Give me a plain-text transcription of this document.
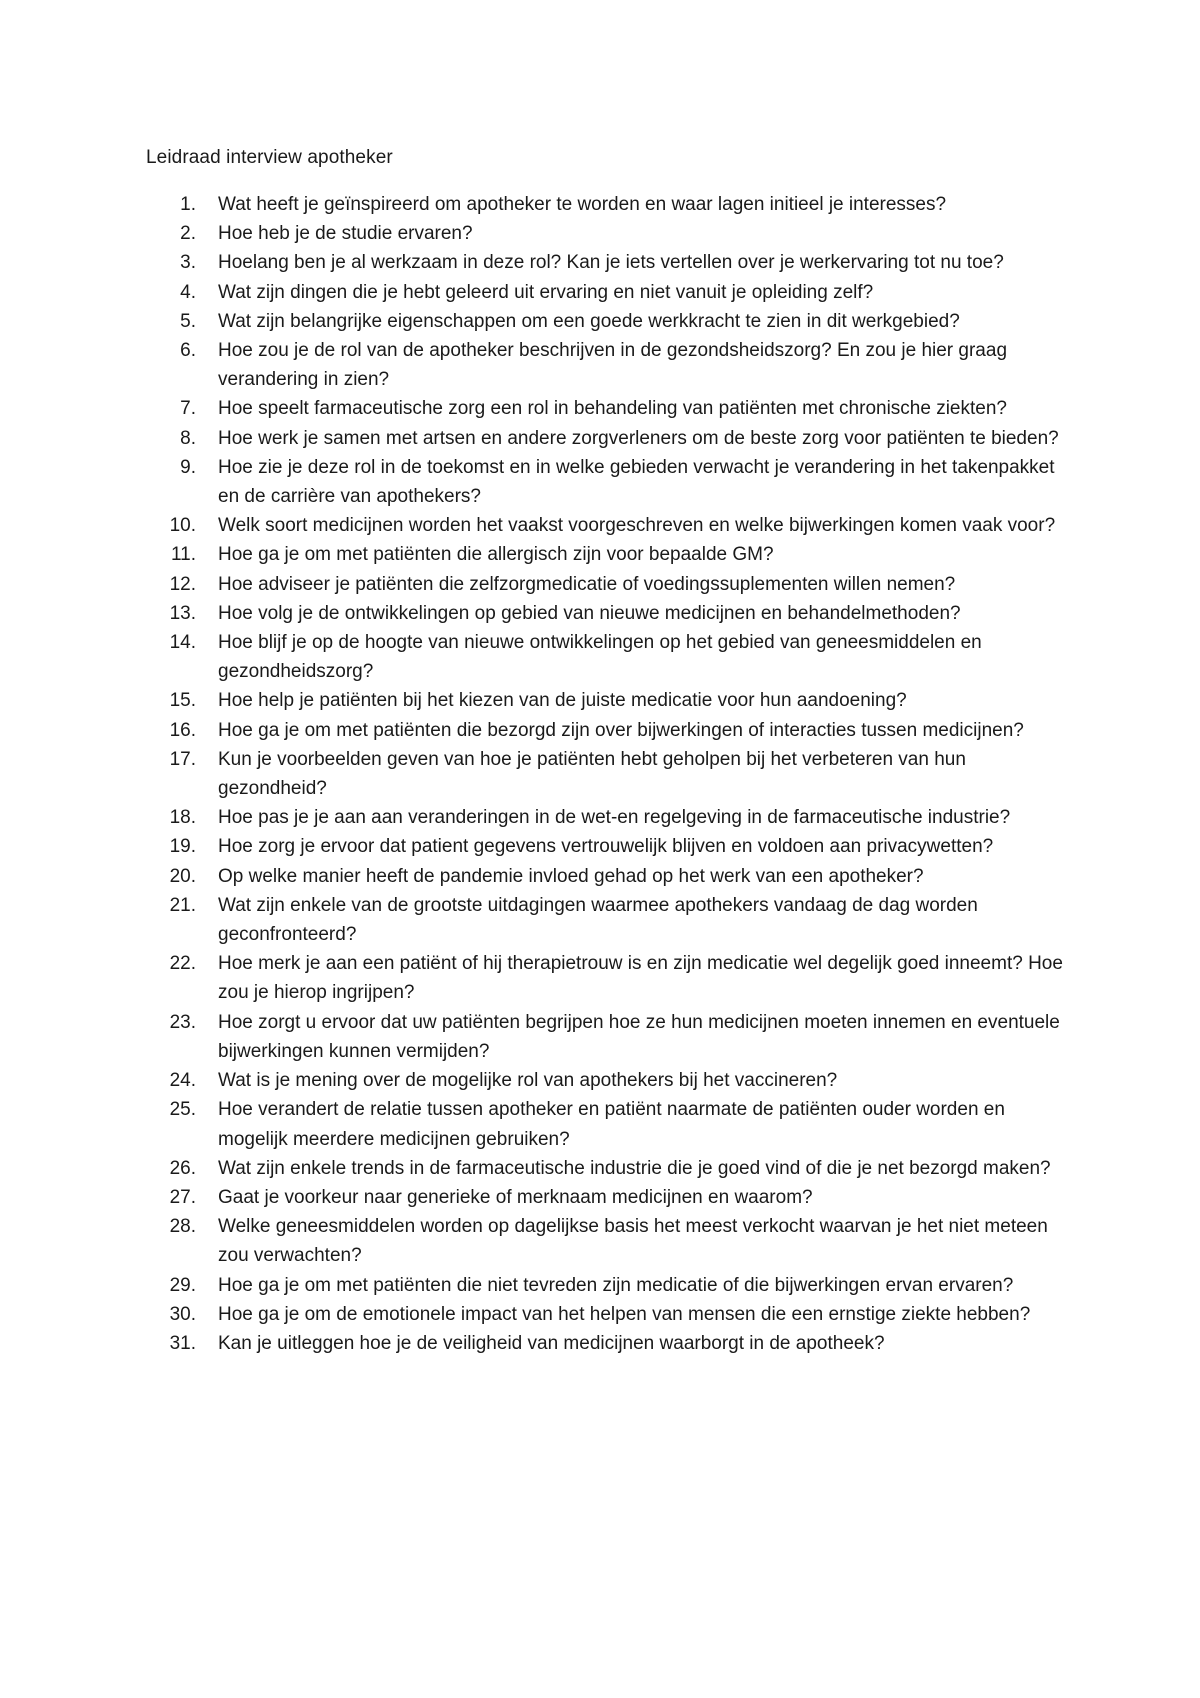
Leidraad interview apotheker
1. Wat heeft je geïnspireerd om apotheker te worden en waar lagen initieel je interesses?
2. Hoe heb je de studie ervaren?
3. Hoelang ben je al werkzaam in deze rol? Kan je iets vertellen over je werkervaring tot nu toe?
4. Wat zijn dingen die je hebt geleerd uit ervaring en niet vanuit je opleiding zelf?
5. Wat zijn belangrijke eigenschappen om een goede werkkracht te zien in dit werkgebied?
6. Hoe zou je de rol van de apotheker beschrijven in de gezondsheidszorg? En zou je hier graag verandering in zien?
7. Hoe speelt farmaceutische zorg een rol in behandeling van patiënten met chronische ziekten?
8. Hoe werk je samen met artsen en andere zorgverleners om de beste zorg voor patiënten te bieden?
9. Hoe zie je deze rol in de toekomst en in welke gebieden verwacht je verandering in het takenpakket en de carrière van apothekers?
10. Welk soort medicijnen worden het vaakst voorgeschreven en welke bijwerkingen komen vaak voor?
11. Hoe ga je om met patiënten die allergisch zijn voor bepaalde GM?
12. Hoe adviseer je patiënten die zelfzorgmedicatie of voedingssuplementen willen nemen?
13. Hoe volg je de ontwikkelingen op gebied van nieuwe medicijnen en behandelmethoden?
14. Hoe blijf je op de hoogte van nieuwe ontwikkelingen op het gebied van geneesmiddelen en gezondheidszorg?
15. Hoe help je patiënten bij het kiezen van de juiste medicatie voor hun aandoening?
16. Hoe ga je om met patiënten die bezorgd zijn over bijwerkingen of interacties tussen medicijnen?
17. Kun je voorbeelden geven van hoe je patiënten hebt geholpen bij het verbeteren van hun gezondheid?
18. Hoe pas je je aan aan veranderingen in de wet-en regelgeving in de farmaceutische industrie?
19. Hoe zorg je ervoor dat patient gegevens vertrouwelijk blijven en voldoen aan privacywetten?
20. Op welke manier heeft de pandemie invloed gehad op het werk van een apotheker?
21. Wat zijn enkele van de grootste uitdagingen waarmee apothekers vandaag de dag worden geconfronteerd?
22. Hoe merk je aan een patiënt of hij therapietrouw is en zijn medicatie wel degelijk goed inneemt? Hoe zou je hierop ingrijpen?
23. Hoe zorgt u ervoor dat uw patiënten begrijpen hoe ze hun medicijnen moeten innemen en eventuele bijwerkingen kunnen vermijden?
24. Wat is je mening over de mogelijke rol van apothekers bij het vaccineren?
25. Hoe verandert de relatie tussen apotheker en patiënt naarmate de patiënten ouder worden en mogelijk meerdere medicijnen gebruiken?
26. Wat zijn enkele trends in de farmaceutische industrie die je goed vind of die je net bezorgd maken?
27. Gaat je voorkeur naar generieke of merknaam medicijnen en waarom?
28. Welke geneesmiddelen worden op dagelijkse basis het meest verkocht waarvan je het niet meteen zou verwachten?
29. Hoe ga je om met patiënten die niet tevreden zijn medicatie of die bijwerkingen ervan ervaren?
30. Hoe ga je om de emotionele impact van het helpen van mensen die een ernstige ziekte hebben?
31. Kan je uitleggen hoe je de veiligheid van medicijnen waarborgt in de apotheek?
